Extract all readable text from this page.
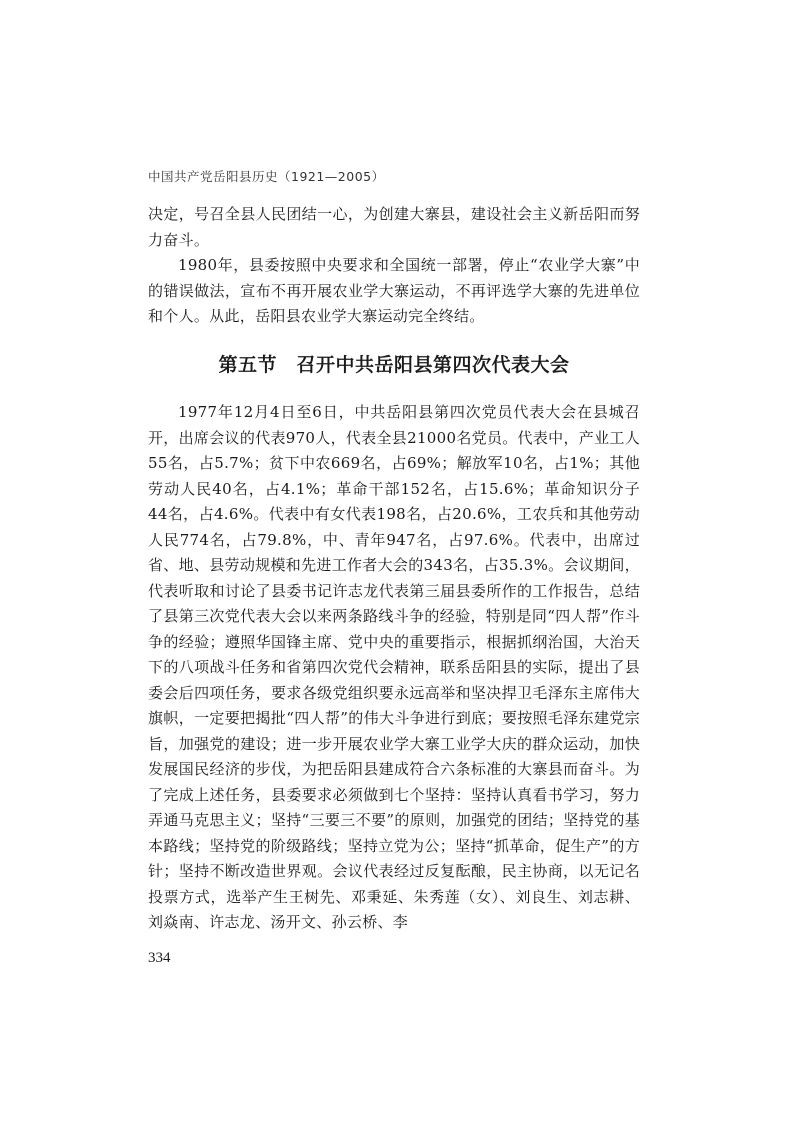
中国共产党岳阳县历史（1921—2005）

决定，号召全县人民团结一心，为创建大寨县，建设社会主义新岳阳而努力奋斗。

1980年，县委按照中央要求和全国统一部署，停止“农业学大寨”中的错误做法，宣布不再开展农业学大寨运动，不再评选学大寨的先进单位和个人。从此，岳阳县农业学大寨运动完全终结。

第五节　召开中共岳阳县第四次代表大会

1977年12月4日至6日，中共岳阳县第四次党员代表大会在县城召开，出席会议的代表970人，代表全县21000名党员。代表中，产业工人55名，占5.7%；贫下中农669名，占69%；解放军10名，占1%；其他劳动人民40名，占4.1%；革命干部152名，占15.6%；革命知识分子44名，占4.6%。代表中有女代表198名，占20.6%，工农兵和其他劳动人民774名，占79.8%，中、青年947名，占97.6%。代表中，出席过省、地、县劳动规模和先进工作者大会的343名，占35.3%。会议期间，代表听取和讨论了县委书记许志龙代表第三届县委所作的工作报告，总结了县第三次党代表大会以来两条路线斗争的经验，特别是同“四人帮”作斗争的经验；遵照华国锋主席、党中央的重要指示，根据抓纲治国，大治天下的八项战斗任务和省第四次党代会精神，联系岳阳县的实际，提出了县委会后四项任务，要求各级党组织要永远高举和坚决捍卫毛泽东主席伟大旗帜，一定要把揭批“四人帮”的伟大斗争进行到底；要按照毛泽东建党宗旨，加强党的建设；进一步开展农业学大寨工业学大庆的群众运动，加快发展国民经济的步伐，为把岳阳县建成符合六条标准的大寨县而奋斗。为了完成上述任务，县委要求必须做到七个坚持：坚持认真看书学习，努力弄通马克思主义；坚持“三要三不要”的原则，加强党的团结；坚持党的基本路线；坚持党的阶级路线；坚持立党为公；坚持“抓革命，促生产”的方针；坚持不断改造世界观。会议代表经过反复酝酿，民主协商，以无记名投票方式，选举产生王树先、邓秉延、朱秀莲（女）、刘良生、刘志耕、刘焱南、许志龙、汤开文、孙云桥、李

334
